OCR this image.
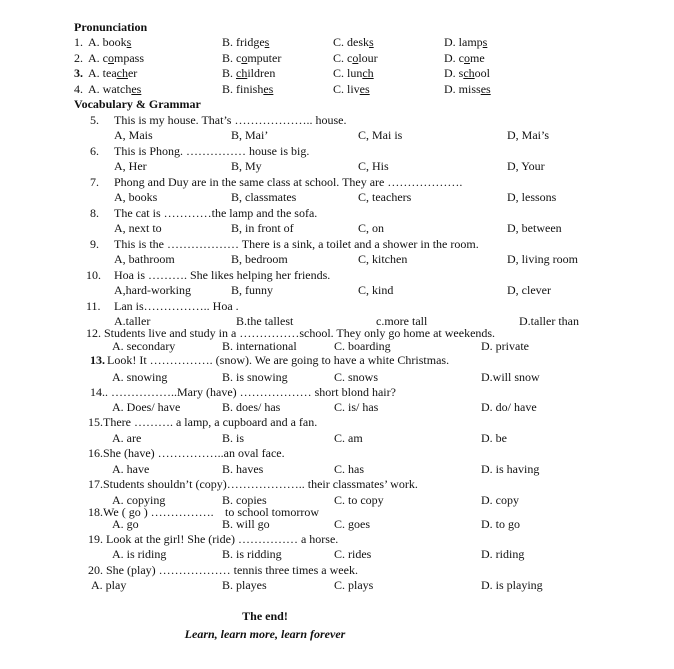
Pronunciation
1. A. books	B. fridges	C. desks	D. lamps
2. A. compass	B. computer	C. colour	D. come
3. A. teacher	B. children	C. lunch	D. school
4. A. watches	B. finishes	C. lives	D. misses
Vocabulary & Grammar
5. This is my house. That’s ……………….. house.
A, Mais	B, Mai’	C, Mai is	D, Mai’s
6. This is Phong. …………… house is big.
A, Her	B, My	C, His	D, Your
7. Phong and Duy are in the same class at school. They are ……………….
A, books	B, classmates	C, teachers	D, lessons
8. The cat is …………the lamp and the sofa.
A, next to	B, in front of	C, on	D, between
9. This is the ……………… There is a sink, a toilet and a shower in the room.
A, bathroom	B, bedroom	C, kitchen	D, living room
10. Hoa is ………. She likes helping her friends.
A,hard-working	B, funny	C, kind	D, clever
11. Lan is…………….. Hoa .
A.taller	B.the tallest	c.more tall	D.taller than
12. Students live and study in a ……………school. They only go home at weekends.
A. secondary	B. international	C. boarding	D. private
13. Look! It ……………. (snow). We are going to have a white Christmas.
A. snowing	B. is snowing	C. snows	D.will snow
14.. ……………..Mary (have) ……………… short blond hair?
A. Does/ have	B. does/ has	C. is/ has	D. do/ have
15.There ………. a lamp, a cupboard and a fan.
A. are	B. is	C. am	D. be
16.She (have) ……………..an oval face.
A. have	B. haves	C. has	D. is having
17.Students shouldn’t (copy)……………….. their classmates’ work.
A. copying	B. copies	C. to copy	D. copy
18.We ( go ) ……………. to school tomorrow
A. go	B. will go	C. goes	D. to go
19. Look at the girl! She (ride) …………… a horse.
A. is riding	B. is ridding	C. rides	D. riding
20. She (play) ……………… tennis three times a week.
A. play	B. playes	C. plays	D. is playing
The end!
Learn, learn more, learn forever
